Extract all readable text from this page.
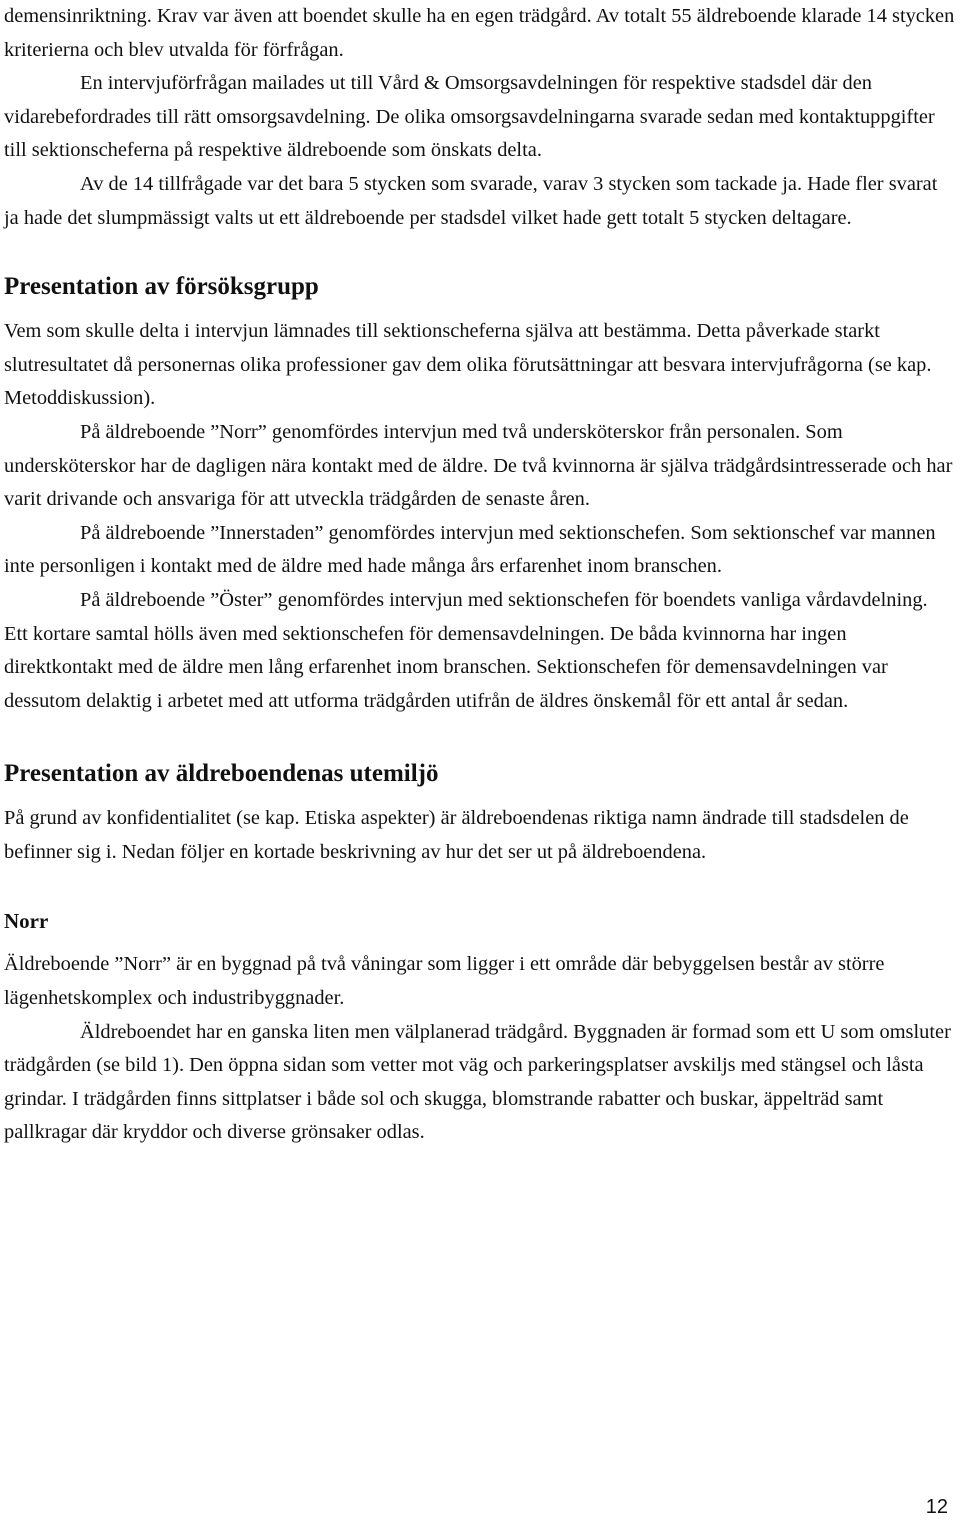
demensinriktning. Krav var även att boendet skulle ha en egen trädgård. Av totalt 55 äldreboende klarade 14 stycken kriterierna och blev utvalda för förfrågan.

En intervjuförfrågan mailades ut till Vård & Omsorgsavdelningen för respektive stadsdel där den vidarebefordrades till rätt omsorgsavdelning. De olika omsorgsavdelningarna svarade sedan med kontaktuppgifter till sektionscheferna på respektive äldreboende som önskats delta.

Av de 14 tillfrågade var det bara 5 stycken som svarade, varav 3 stycken som tackade ja. Hade fler svarat ja hade det slumpmässigt valts ut ett äldreboende per stadsdel vilket hade gett totalt 5 stycken deltagare.

Presentation av försöksgrupp

Vem som skulle delta i intervjun lämnades till sektionscheferna själva att bestämma. Detta påverkade starkt slutresultatet då personernas olika professioner gav dem olika förutsättningar att besvara intervjufrågorna (se kap. Metoddiskussion).

På äldreboende ”Norr” genomfördes intervjun med två undersköterskor från personalen. Som undersköterskor har de dagligen nära kontakt med de äldre. De två kvinnorna är själva trädgårdsintresserade och har varit drivande och ansvariga för att utveckla trädgården de senaste åren.

På äldreboende ”Innerstaden” genomfördes intervjun med sektionschefen. Som sektionschef var mannen inte personligen i kontakt med de äldre med hade många års erfarenhet inom branschen.

På äldreboende ”Öster” genomfördes intervjun med sektionschefen för boendets vanliga vårdavdelning. Ett kortare samtal hölls även med sektionschefen för demensavdelningen. De båda kvinnorna har ingen direktkontakt med de äldre men lång erfarenhet inom branschen. Sektionschefen för demensavdelningen var dessutom delaktig i arbetet med att utforma trädgården utifrån de äldres önskemål för ett antal år sedan.

Presentation av äldreboendenas utemiljö

På grund av konfidentialitet (se kap. Etiska aspekter) är äldreboendenas riktiga namn ändrade till stadsdelen de befinner sig i. Nedan följer en kortade beskrivning av hur det ser ut på äldreboendena.

Norr

Äldreboende ”Norr” är en byggnad på två våningar som ligger i ett område där bebyggelsen består av större lägenhetskomplex och industribyggnader.

Äldreboendet har en ganska liten men välplanerad trädgård. Byggnaden är formad som ett U som omsluter trädgården (se bild 1). Den öppna sidan som vetter mot väg och parkeringsplatser avskiljs med stängsel och låsta grindar. I trädgården finns sittplatser i både sol och skugga, blomstrande rabatter och buskar, äppelträd samt pallkragar där kryddor och diverse grönsaker odlas.

12
